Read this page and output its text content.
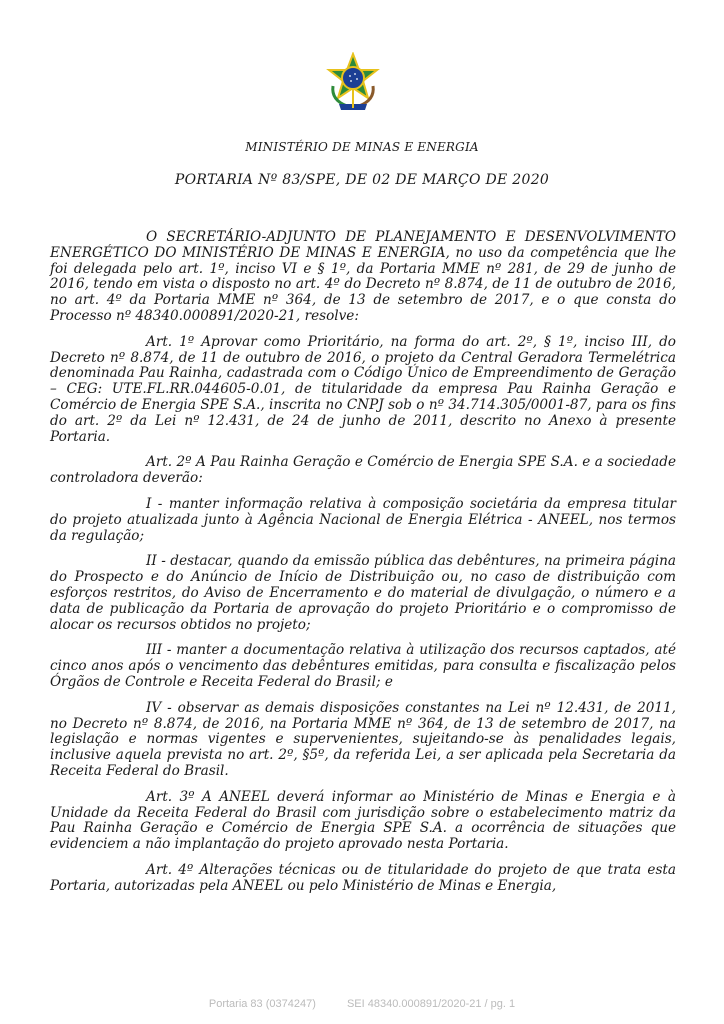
MINISTÉRIO DE MINAS E ENERGIA
PORTARIA Nº 83/SPE, DE 02 DE MARÇO DE 2020

O SECRETÁRIO-ADJUNTO DE PLANEJAMENTO E DESENVOLVIMENTO ENERGÉTICO DO MINISTÉRIO DE MINAS E ENERGIA, no uso da competência que lhe foi delegada pelo art. 1º, inciso VI e § 1º, da Portaria MME nº 281, de 29 de junho de 2016, tendo em vista o disposto no art. 4º do Decreto nº 8.874, de 11 de outubro de 2016, no art. 4º da Portaria MME nº 364, de 13 de setembro de 2017, e o que consta do Processo nº 48340.000891/2020-21, resolve:

Art. 1º Aprovar como Prioritário, na forma do art. 2º, § 1º, inciso III, do Decreto nº 8.874, de 11 de outubro de 2016, o projeto da Central Geradora Termelétrica denominada Pau Rainha, cadastrada com o Código Único de Empreendimento de Geração – CEG: UTE.FL.RR.044605-0.01, de titularidade da empresa Pau Rainha Geração e Comércio de Energia SPE S.A., inscrita no CNPJ sob o nº 34.714.305/0001-87, para os fins do art. 2º da Lei nº 12.431, de 24 de junho de 2011, descrito no Anexo à presente Portaria.

Art. 2º A Pau Rainha Geração e Comércio de Energia SPE S.A. e a sociedade controladora deverão:

I - manter informação relativa à composição societária da empresa titular do projeto atualizada junto à Agência Nacional de Energia Elétrica - ANEEL, nos termos da regulação;

II - destacar, quando da emissão pública das debêntures, na primeira página do Prospecto e do Anúncio de Início de Distribuição ou, no caso de distribuição com esforços restritos, do Aviso de Encerramento e do material de divulgação, o número e a data de publicação da Portaria de aprovação do projeto Prioritário e o compromisso de alocar os recursos obtidos no projeto;

III - manter a documentação relativa à utilização dos recursos captados, até cinco anos após o vencimento das debêntures emitidas, para consulta e fiscalização pelos Órgãos de Controle e Receita Federal do Brasil; e

IV - observar as demais disposições constantes na Lei nº 12.431, de 2011, no Decreto nº 8.874, de 2016, na Portaria MME nº 364, de 13 de setembro de 2017, na legislação e normas vigentes e supervenientes, sujeitando-se às penalidades legais, inclusive aquela prevista no art. 2º, §5º, da referida Lei, a ser aplicada pela Secretaria da Receita Federal do Brasil.

Art. 3º A ANEEL deverá informar ao Ministério de Minas e Energia e à Unidade da Receita Federal do Brasil com jurisdição sobre o estabelecimento matriz da Pau Rainha Geração e Comércio de Energia SPE S.A. a ocorrência de situações que evidenciem a não implantação do projeto aprovado nesta Portaria.

Art. 4º Alterações técnicas ou de titularidade do projeto de que trata esta Portaria, autorizadas pela ANEEL ou pelo Ministério de Minas e Energia,

Portaria 83 (0374247)	SEI 48340.000891/2020-21 / pg. 1
